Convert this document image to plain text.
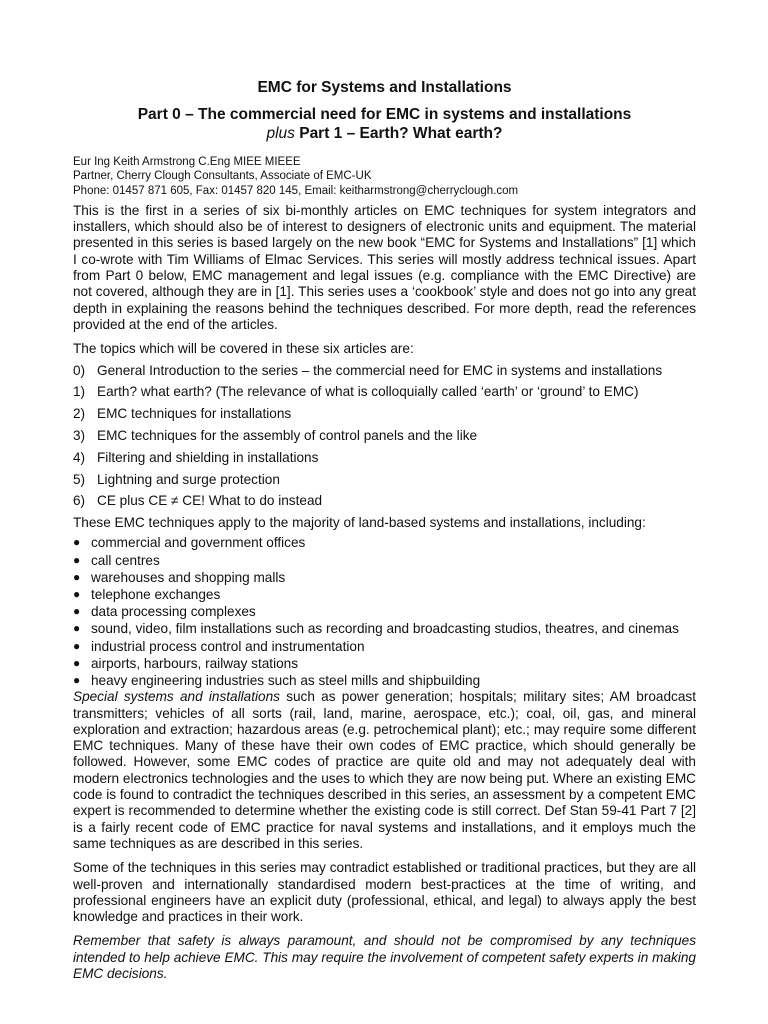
EMC for Systems and Installations
Part 0 – The commercial need for EMC in systems and installations
plus Part 1 – Earth? What earth?
Eur Ing Keith Armstrong C.Eng MIEE MIEEE
Partner, Cherry Clough Consultants, Associate of EMC-UK
Phone: 01457 871 605, Fax: 01457 820 145, Email: keitharmstrong@cherryclough.com

This is the first in a series of six bi-monthly articles on EMC techniques for system integrators and installers, which should also be of interest to designers of electronic units and equipment. The material presented in this series is based largely on the new book “EMC for Systems and Installations” [1] which I co-wrote with Tim Williams of Elmac Services. This series will mostly address technical issues. Apart from Part 0 below, EMC management and legal issues (e.g. compliance with the EMC Directive) are not covered, although they are in [1]. This series uses a ‘cookbook’ style and does not go into any great depth in explaining the reasons behind the techniques described. For more depth, read the references provided at the end of the articles.

The topics which will be covered in these six articles are:

0) General Introduction to the series – the commercial need for EMC in systems and installations
1) Earth? what earth? (The relevance of what is colloquially called ‘earth’ or ‘ground’ to EMC)
2) EMC techniques for installations
3) EMC techniques for the assembly of control panels and the like
4) Filtering and shielding in installations
5) Lightning and surge protection
6) CE plus CE ≠ CE! What to do instead

These EMC techniques apply to the majority of land-based systems and installations, including:

● commercial and government offices
● call centres
● warehouses and shopping malls
● telephone exchanges
● data processing complexes
● sound, video, film installations such as recording and broadcasting studios, theatres, and cinemas
● industrial process control and instrumentation
● airports, harbours, railway stations
● heavy engineering industries such as steel mills and shipbuilding

Special systems and installations such as power generation; hospitals; military sites; AM broadcast transmitters; vehicles of all sorts (rail, land, marine, aerospace, etc.); coal, oil, gas, and mineral exploration and extraction; hazardous areas (e.g. petrochemical plant); etc.; may require some different EMC techniques. Many of these have their own codes of EMC practice, which should generally be followed. However, some EMC codes of practice are quite old and may not adequately deal with modern electronics technologies and the uses to which they are now being put. Where an existing EMC code is found to contradict the techniques described in this series, an assessment by a competent EMC expert is recommended to determine whether the existing code is still correct. Def Stan 59-41 Part 7 [2] is a fairly recent code of EMC practice for naval systems and installations, and it employs much the same techniques as are described in this series.

Some of the techniques in this series may contradict established or traditional practices, but they are all well-proven and internationally standardised modern best-practices at the time of writing, and professional engineers have an explicit duty (professional, ethical, and legal) to always apply the best knowledge and practices in their work.

Remember that safety is always paramount, and should not be compromised by any techniques intended to help achieve EMC. This may require the involvement of competent safety experts in making EMC decisions.
